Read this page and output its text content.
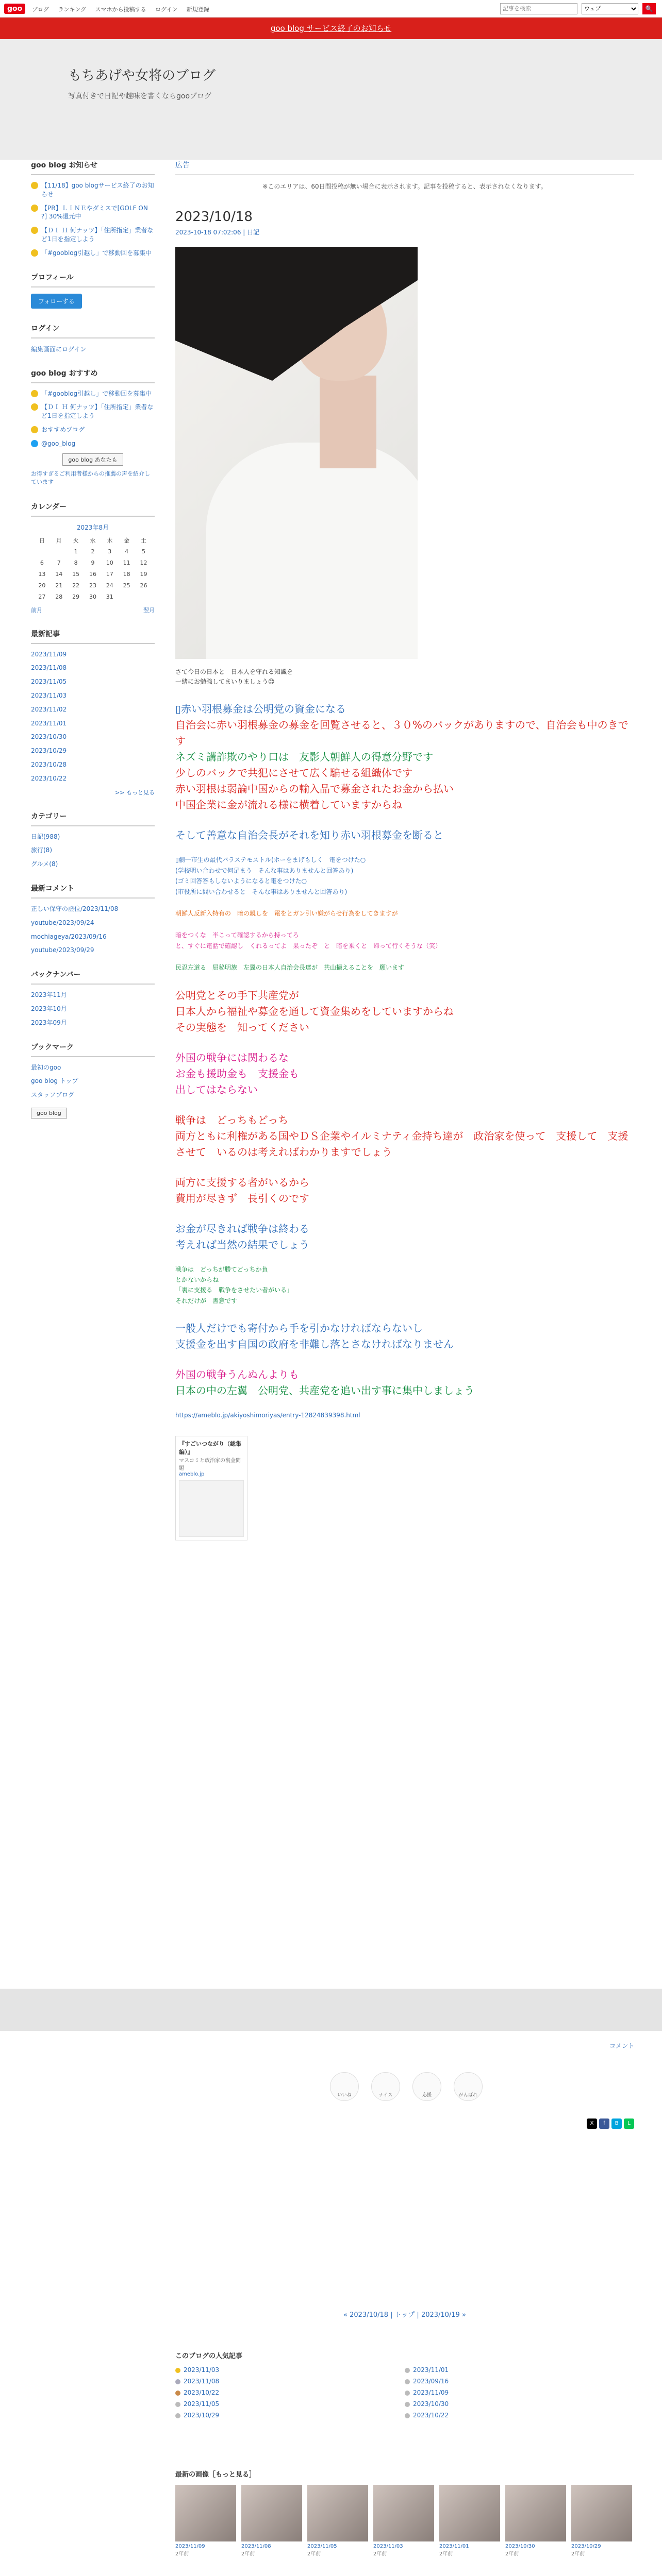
goo	ブログ ランキング スマホから投稿する ログイン 新規登録
記事を検索
ウェブ	🔍
goo blog サービス終了のお知らせ
もちあげや女将のブログ
写真付きで日記や趣味を書くならgooブログ
goo blog お知らせ
【11/18】goo blogサービス終了のお知らせ
【PR】ＬＩＮＥやダミスで[GOLF ON ?] 30%還元中
【ＤＩ Ｈ 何ナッツ】「住所指定」業者など1日を指定しよう
「#gooblog引越し」で移動回を募集中
プロフィール
フォローする
ログイン
編集画面にログイン
goo blog おすすめ
「#gooblog引越し」で移動回を募集中
【ＤＩ Ｈ 何ナッツ】「住所指定」業者など1日を指定しよう
おすすめブログ
@goo_blog
goo blog あなたも
お得すぎるご利用者様からの推薦の声を紹介しています
カレンダー
2023年8月
日	月	火	水	木	金	土
		1	2	3	4	5
6	7	8	9	10	11	12
13	14	15	16	17	18	19
20	21	22	23	24	25	26
27	28	29	30	31		
前月	翌月
最新記事
2023/11/09
2023/11/08
2023/11/05
2023/11/03
2023/11/02
2023/11/01
2023/10/30
2023/10/29
2023/10/28
2023/10/22
>> もっと見る
カテゴリー
日記(988)
旅行(8)
グルメ(8)
最新コメント
正しい保守の虚位/2023/11/08
youtube/2023/09/24
mochiageya/2023/09/16
youtube/2023/09/29
バックナンバー
2023年11月
2023年10月
2023年09月
ブックマーク
最初のgoo
goo blog トップ
スタッフブログ
goo blog
広告
※このエリアは、60日間投稿が無い場合に表示されます。記事を投稿すると、表示されなくなります。
2023/10/18
2023-10-18 07:02:06 | 日記
さて今日の日本と　日本人を守れる知識を
一緒にお勉強してまいりましょう😊
▯赤い羽根募金は公明党の資金になる
自治会に赤い羽根募金の募金を回覧させると、３０%のバックがありますので、自治会も中のきです
ネズミ講詐欺のやり口は　友影人朝鮮人の得意分野です
少しのバックで共犯にさせて広く騙せる組織体です
赤い羽根は弱論中国からの輸入品で募金されたお金から払い
中国企業に金が流れる様に横着していますからね
そして善意な自治会長がそれを知り赤い羽根募金を断ると
▯劇一市生の最代バラステモストル(ホーをまげもしく　電をつけた○
(学校明い合わせで何足まう　そんな事はありませんと回答あり)
(ゴミ回答答もしないようになると電をつけた○
(市役所に問い合わせると　そんな事はありませんと回答あり)
朝鮮人反新入特有の　暗の親しを　電をとガン引い嫌がらせ行為をしてきますが
暗をつくな　半こって確認するから持ってろ
と、すぐに電話で確認し　くれるってよ　果ったぞ　と　暗を乗くと　帰って行くそうな（笑）
民忍左道る　屈秘明族　左翼の日本人自治会長達が　共山撮えることを　願います
公明党とその手下共産党が
日本人から福祉や募金を通して資金集めをしていますからね
その実態を　知ってください
外国の戦争には関わるな
お金も援助金も　支援金も
出してはならない
戦争は　どっちもどっち
両方ともに利権がある国やＤＳ企業やイルミナティ金持ち達が　政治家を使って　支援して　支援させて　いるのは考えればわかりますでしょう
両方に支援する者がいるから
費用が尽きず　長引くのです
お金が尽きれば戦争は終わる
考えれば当然の結果でしょう
戦争は　どっちが勝てどっちか負
とかないからね
「裏に支援る　戦争をさせたい者がいる」
それだけが　書意です
一般人だけでも寄付から手を引かなければならないし
支援金を出す自国の政府を非難し落とさなければなりません
外国の戦争うんぬんよりも
日本の中の左翼　公明党、共産党を追い出す事に集中しましょう
https://ameblo.jp/akiyoshimoriyas/entry-12824839398.html
『すごいつながり（総集編）』
マスコミと政治家の裏金問題
ameblo.jp
コメント
いいね	ナイス	応援	がんばれ
X	f	B	L
« 2023/10/18 | トップ | 2023/10/19 »
このブログの人気記事
2023/11/03	2023/11/01
2023/11/08	2023/09/16
2023/10/22	2023/11/09
2023/11/05	2023/10/30
2023/10/29	2023/10/22
最新の画像［もっと見る］
2023/11/09
2年前
2023/11/08
2年前
2023/11/05
2年前
2023/11/03
2年前
2023/11/01
2年前
2023/10/30
2年前
2023/10/29
2年前
